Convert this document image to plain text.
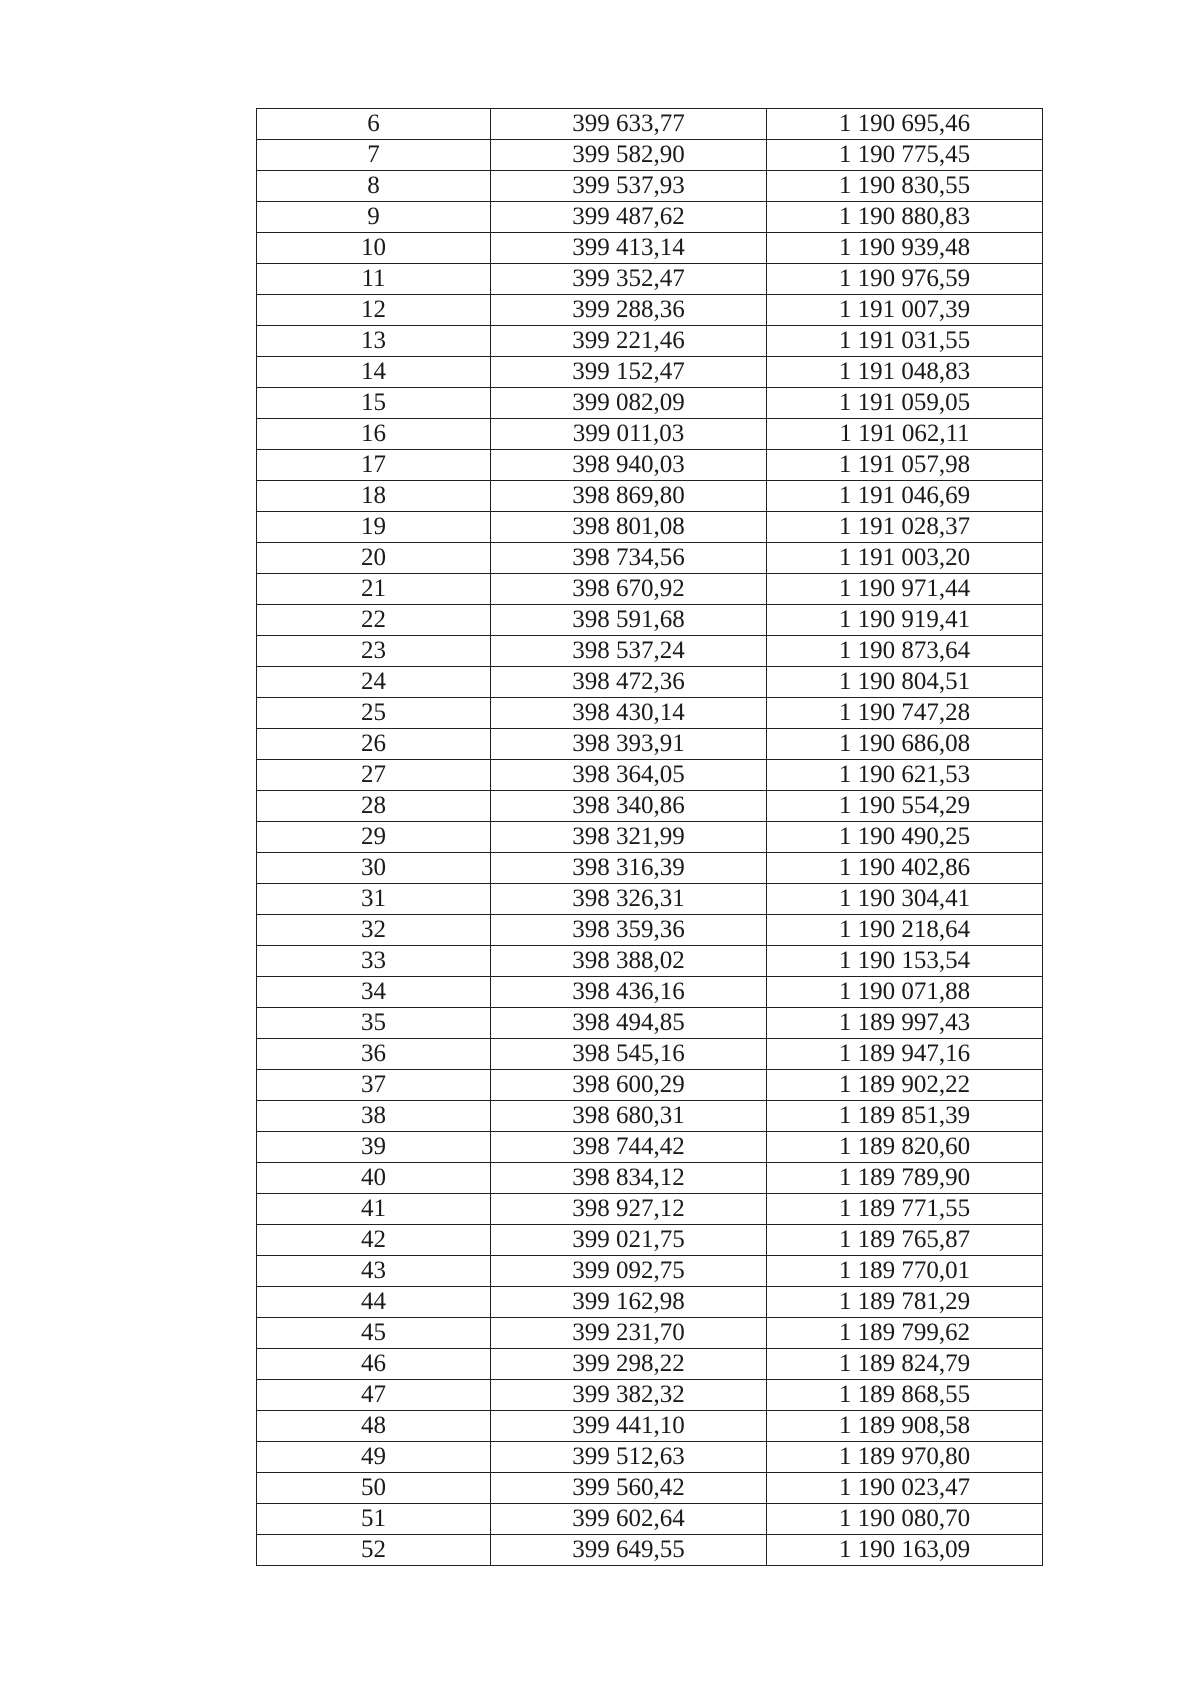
6	399 633,77	1 190 695,46
7	399 582,90	1 190 775,45
8	399 537,93	1 190 830,55
9	399 487,62	1 190 880,83
10	399 413,14	1 190 939,48
11	399 352,47	1 190 976,59
12	399 288,36	1 191 007,39
13	399 221,46	1 191 031,55
14	399 152,47	1 191 048,83
15	399 082,09	1 191 059,05
16	399 011,03	1 191 062,11
17	398 940,03	1 191 057,98
18	398 869,80	1 191 046,69
19	398 801,08	1 191 028,37
20	398 734,56	1 191 003,20
21	398 670,92	1 190 971,44
22	398 591,68	1 190 919,41
23	398 537,24	1 190 873,64
24	398 472,36	1 190 804,51
25	398 430,14	1 190 747,28
26	398 393,91	1 190 686,08
27	398 364,05	1 190 621,53
28	398 340,86	1 190 554,29
29	398 321,99	1 190 490,25
30	398 316,39	1 190 402,86
31	398 326,31	1 190 304,41
32	398 359,36	1 190 218,64
33	398 388,02	1 190 153,54
34	398 436,16	1 190 071,88
35	398 494,85	1 189 997,43
36	398 545,16	1 189 947,16
37	398 600,29	1 189 902,22
38	398 680,31	1 189 851,39
39	398 744,42	1 189 820,60
40	398 834,12	1 189 789,90
41	398 927,12	1 189 771,55
42	399 021,75	1 189 765,87
43	399 092,75	1 189 770,01
44	399 162,98	1 189 781,29
45	399 231,70	1 189 799,62
46	399 298,22	1 189 824,79
47	399 382,32	1 189 868,55
48	399 441,10	1 189 908,58
49	399 512,63	1 189 970,80
50	399 560,42	1 190 023,47
51	399 602,64	1 190 080,70
52	399 649,55	1 190 163,09
